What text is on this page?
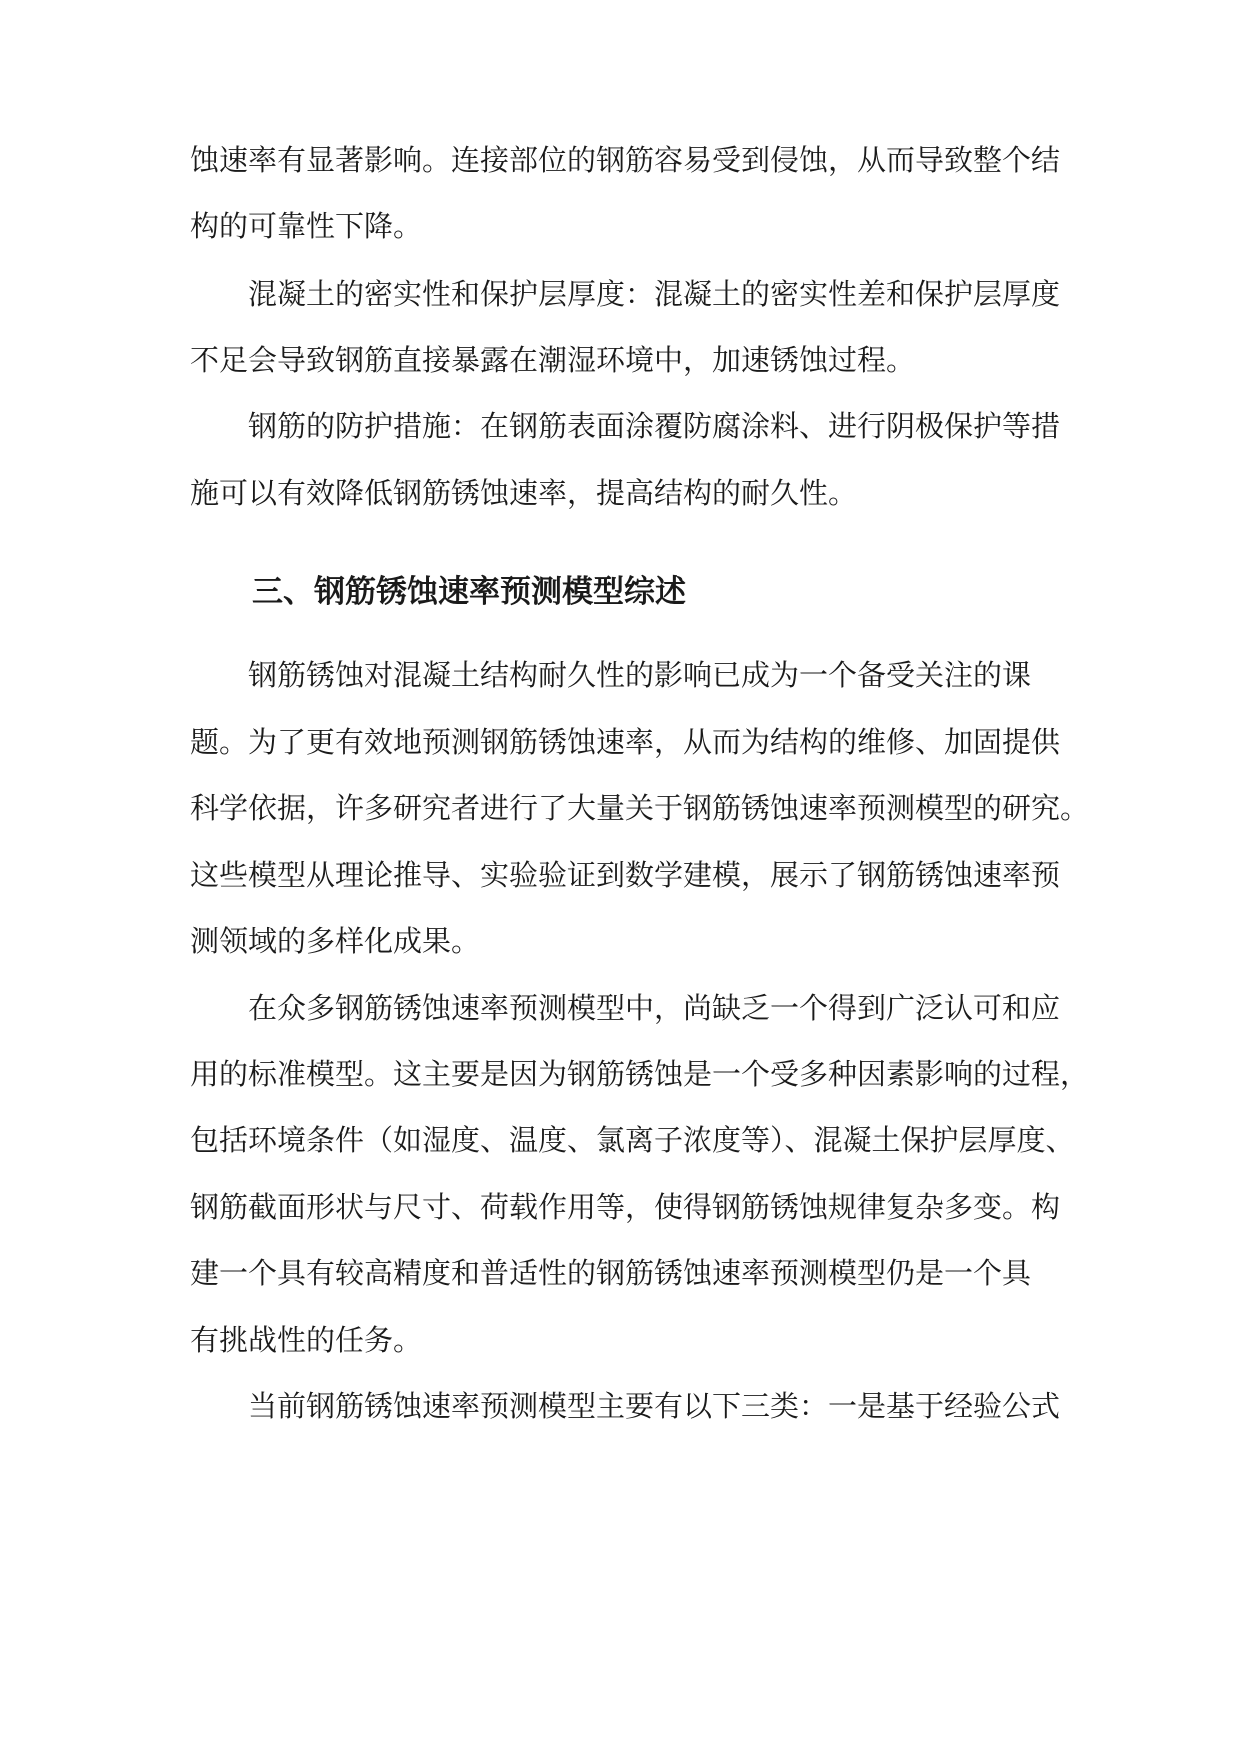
蚀速率有显著影响。连接部位的钢筋容易受到侵蚀，从而导致整个结
构的可靠性下降。
混凝土的密实性和保护层厚度：混凝土的密实性差和保护层厚度
不足会导致钢筋直接暴露在潮湿环境中，加速锈蚀过程。
钢筋的防护措施：在钢筋表面涂覆防腐涂料、进行阴极保护等措
施可以有效降低钢筋锈蚀速率，提高结构的耐久性。
三、钢筋锈蚀速率预测模型综述
钢筋锈蚀对混凝土结构耐久性的影响已成为一个备受关注的课
题。为了更有效地预测钢筋锈蚀速率，从而为结构的维修、加固提供
科学依据，许多研究者进行了大量关于钢筋锈蚀速率预测模型的研究。
这些模型从理论推导、实验验证到数学建模，展示了钢筋锈蚀速率预
测领域的多样化成果。
在众多钢筋锈蚀速率预测模型中，尚缺乏一个得到广泛认可和应
用的标准模型。这主要是因为钢筋锈蚀是一个受多种因素影响的过程，
包括环境条件（如湿度、温度、氯离子浓度等）、混凝土保护层厚度、
钢筋截面形状与尺寸、荷载作用等，使得钢筋锈蚀规律复杂多变。构
建一个具有较高精度和普适性的钢筋锈蚀速率预测模型仍是一个具
有挑战性的任务。
当前钢筋锈蚀速率预测模型主要有以下三类：一是基于经验公式
